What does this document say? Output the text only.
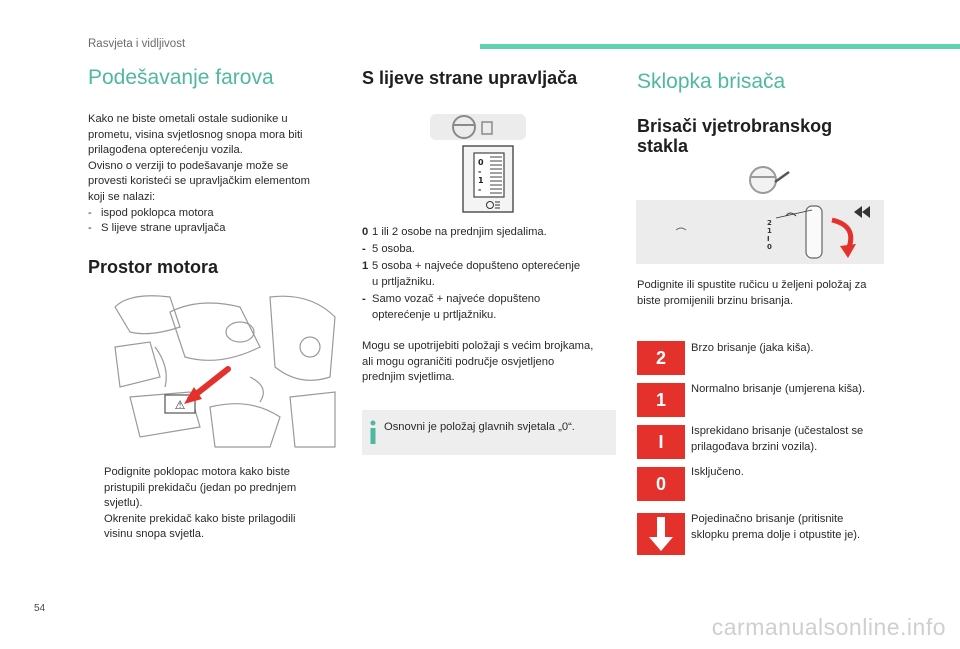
Rasvjeta i vidljivost
Podešavanje farova
Kako ne biste ometali ostale sudionike u
prometu, visina svjetlosnog snopa mora biti
prilagođena opterećenju vozila.
Ovisno o verziji to podešavanje može se
provesti koristeći se upravljačkim elementom
koji se nalazi:
-   ispod poklopca motora
-   S lijeve strane upravljača
Prostor motora
⚠
Podignite poklopac motora kako biste
pristupili prekidaču (jedan po prednjem
svjetlu).
Okrenite prekidač kako biste prilagodili
visinu snopa svjetla.
S lijeve strane upravljača
0
-
1
-
0 1 ili 2 osobe na prednjim sjedalima.
- 5 osoba.
1 5 osoba + najveće dopušteno opterećenje
u prtljažniku.
- Samo vozač + najveće dopušteno
opterećenje u prtljažniku.
Mogu se upotrijebiti položaji s većim brojkama,
ali mogu ograničiti područje osvjetljeno
prednjim svjetlima.
Osnovni je položaj glavnih svjetala „0“.
Sklopka brisača
Brisači vjetrobranskog
stakla
2
1
I
0
Podignite ili spustite ručicu u željeni položaj za
biste promijenili brzinu brisanja.
2	Brzo brisanje (jaka kiša).
1
Normalno brisanje (umjerena kiša).
I
Isprekidano brisanje (učestalost se
prilagođava brzini vozila).
0
Isključeno.
Pojedinačno brisanje (pritisnite
sklopku prema dolje i otpustite je).
54
carmanualsonline.info
